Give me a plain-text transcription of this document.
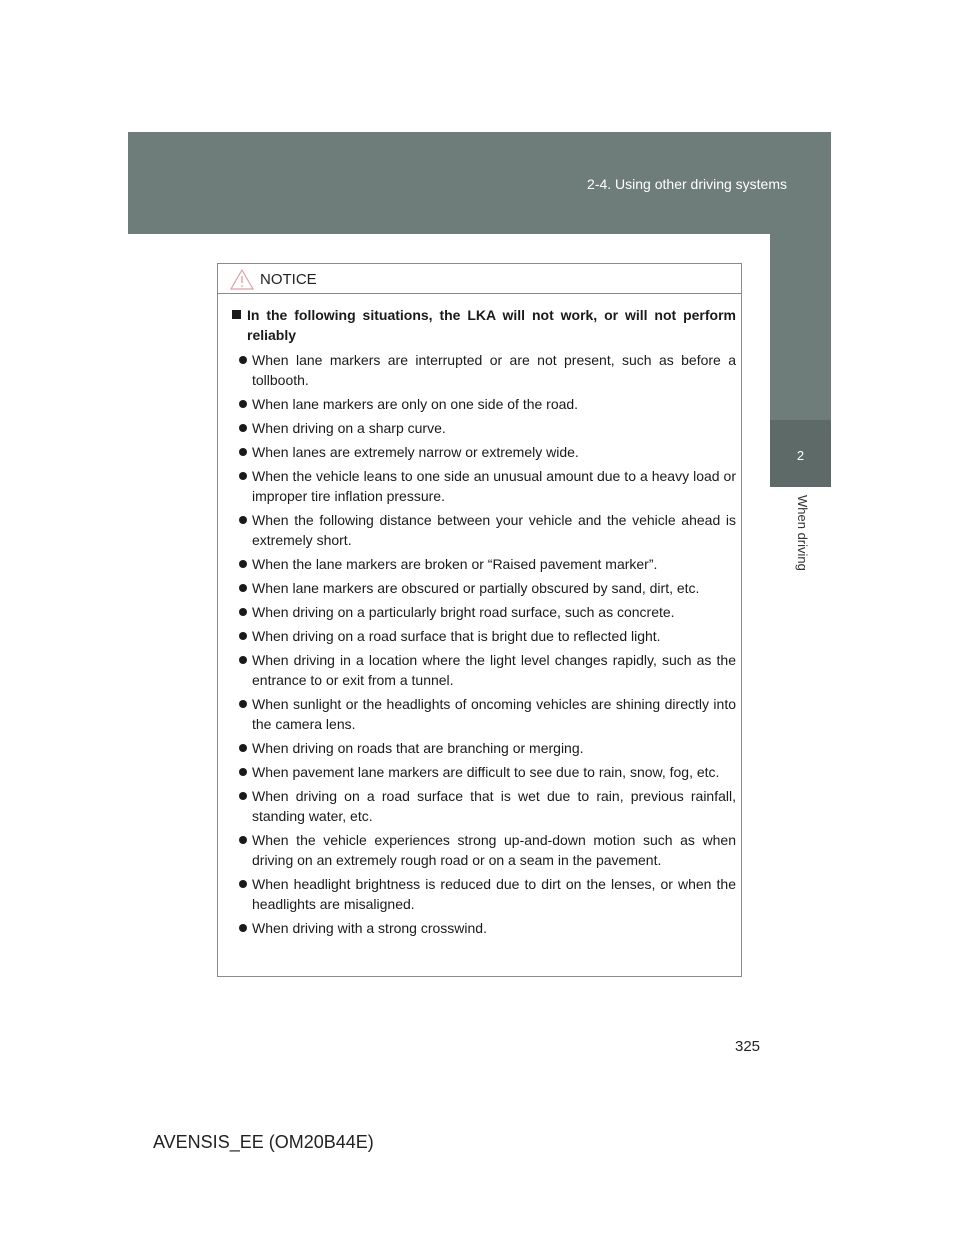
2-4. Using other driving systems
2
When driving
NOTICE
In the following situations, the LKA will not work, or will not perform reliably
When lane markers are interrupted or are not present, such as before a tollbooth.
When lane markers are only on one side of the road.
When driving on a sharp curve.
When lanes are extremely narrow or extremely wide.
When the vehicle leans to one side an unusual amount due to a heavy load or improper tire inflation pressure.
When the following distance between your vehicle and the vehicle ahead is extremely short.
When the lane markers are broken or “Raised pavement marker”.
When lane markers are obscured or partially obscured by sand, dirt, etc.
When driving on a particularly bright road surface, such as concrete.
When driving on a road surface that is bright due to reflected light.
When driving in a location where the light level changes rapidly, such as the entrance to or exit from a tunnel.
When sunlight or the headlights of oncoming vehicles are shining directly into the camera lens.
When driving on roads that are branching or merging.
When pavement lane markers are difficult to see due to rain, snow, fog, etc.
When driving on a road surface that is wet due to rain, previous rainfall, standing water, etc.
When the vehicle experiences strong up-and-down motion such as when driving on an extremely rough road or on a seam in the pavement.
When headlight brightness is reduced due to dirt on the lenses, or when the headlights are misaligned.
When driving with a strong crosswind.
325
AVENSIS_EE (OM20B44E)
